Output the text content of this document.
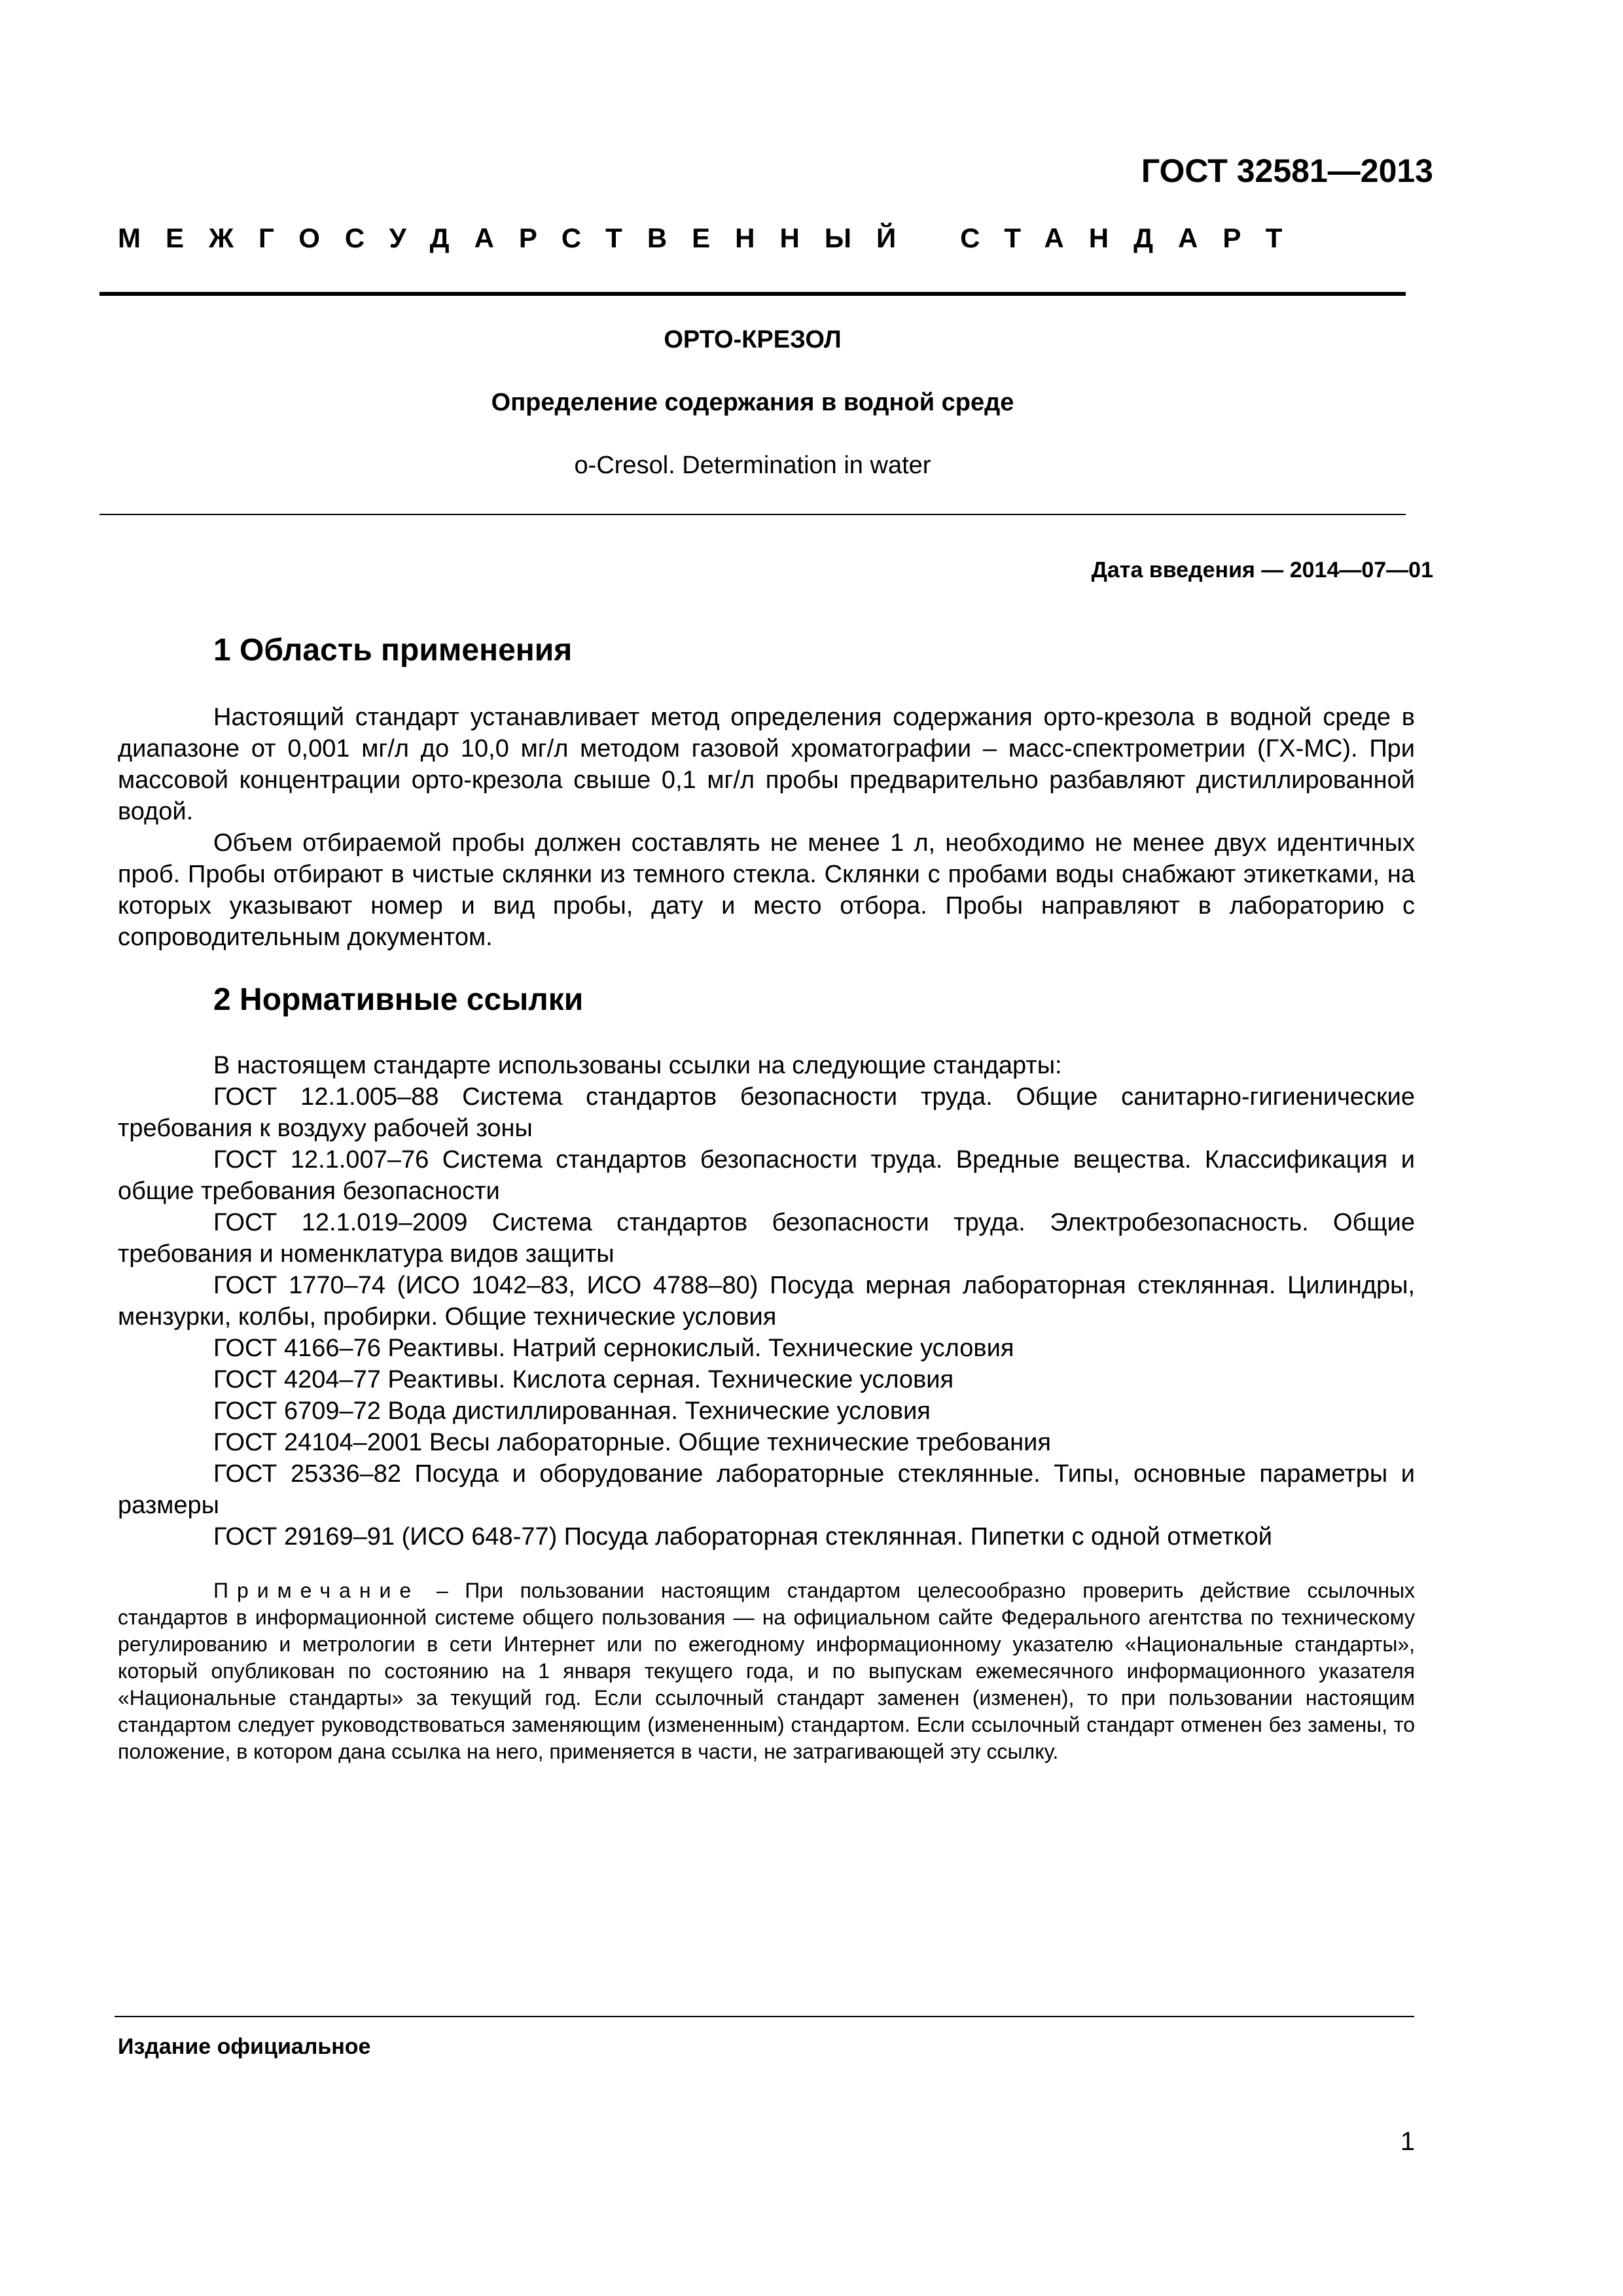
ГОСТ 32581—2013
МЕЖГОСУДАРСТВЕННЫЙ СТАНДАРТ
ОРТО-КРЕЗОЛ
Определение содержания в водной среде
o-Cresol. Determination in water
Дата введения — 2014—07—01
1 Область применения

Настоящий стандарт устанавливает метод определения содержания орто-крезола в водной среде в диапазоне от 0,001 мг/л до 10,0 мг/л методом газовой хроматографии – масс-спектрометрии (ГХ-МС). При массовой концентрации орто-крезола свыше 0,1 мг/л пробы предварительно разбавляют дистиллированной водой.

Объем отбираемой пробы должен составлять не менее 1 л, необходимо не менее двух идентичных проб. Пробы отбирают в чистые склянки из темного стекла. Склянки с пробами воды снабжают этикетками, на которых указывают номер и вид пробы, дату и место отбора. Пробы направляют в лабораторию с сопроводительным документом.

2 Нормативные ссылки

В настоящем стандарте использованы ссылки на следующие стандарты:

ГОСТ 12.1.005–88 Система стандартов безопасности труда. Общие санитарно-гигиенические требования к воздуху рабочей зоны

ГОСТ 12.1.007–76 Система стандартов безопасности труда. Вредные вещества. Классификация и общие требования безопасности

ГОСТ 12.1.019–2009 Система стандартов безопасности труда. Электробезопасность. Общие требования и номенклатура видов защиты

ГОСТ 1770–74 (ИСО 1042–83, ИСО 4788–80) Посуда мерная лабораторная стеклянная. Цилиндры, мензурки, колбы, пробирки. Общие технические условия

ГОСТ 4166–76 Реактивы. Натрий сернокислый. Технические условия

ГОСТ 4204–77 Реактивы. Кислота серная. Технические условия

ГОСТ 6709–72 Вода дистиллированная. Технические условия

ГОСТ 24104–2001 Весы лабораторные. Общие технические требования

ГОСТ 25336–82 Посуда и оборудование лабораторные стеклянные. Типы, основные параметры и размеры

ГОСТ 29169–91 (ИСО 648-77) Посуда лабораторная стеклянная. Пипетки с одной отметкой

Примечание – При пользовании настоящим стандартом целесообразно проверить действие ссылочных стандартов в информационной системе общего пользования — на официальном сайте Федерального агентства по техническому регулированию и метрологии в сети Интернет или по ежегодному информационному указателю «Национальные стандарты», который опубликован по состоянию на 1 января текущего года, и по выпускам ежемесячного информационного указателя «Национальные стандарты» за текущий год. Если ссылочный стандарт заменен (изменен), то при пользовании настоящим стандартом следует руководствоваться заменяющим (измененным) стандартом. Если ссылочный стандарт отменен без замены, то положение, в котором дана ссылка на него, применяется в части, не затрагивающей эту ссылку.

Издание официальное
1
